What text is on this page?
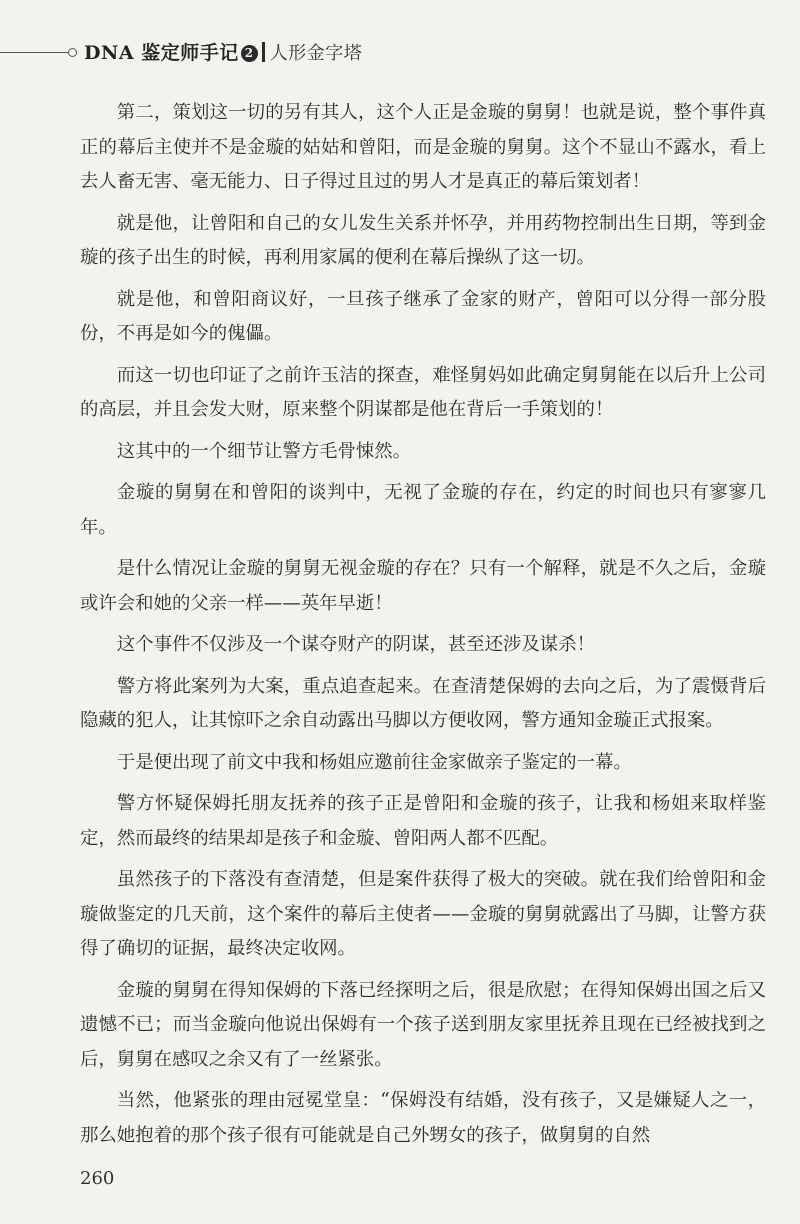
DNA 鉴定师手记 2 人形金字塔

第二，策划这一切的另有其人，这个人正是金璇的舅舅！也就是说，整个事件真正的幕后主使并不是金璇的姑姑和曾阳，而是金璇的舅舅。这个不显山不露水，看上去人畜无害、毫无能力、日子得过且过的男人才是真正的幕后策划者！

就是他，让曾阳和自己的女儿发生关系并怀孕，并用药物控制出生日期，等到金璇的孩子出生的时候，再利用家属的便利在幕后操纵了这一切。

就是他，和曾阳商议好，一旦孩子继承了金家的财产，曾阳可以分得一部分股份，不再是如今的傀儡。

而这一切也印证了之前许玉洁的探查，难怪舅妈如此确定舅舅能在以后升上公司的高层，并且会发大财，原来整个阴谋都是他在背后一手策划的！

这其中的一个细节让警方毛骨悚然。

金璇的舅舅在和曾阳的谈判中，无视了金璇的存在，约定的时间也只有寥寥几年。

是什么情况让金璇的舅舅无视金璇的存在？只有一个解释，就是不久之后，金璇或许会和她的父亲一样——英年早逝！

这个事件不仅涉及一个谋夺财产的阴谋，甚至还涉及谋杀！

警方将此案列为大案，重点追查起来。在查清楚保姆的去向之后，为了震慑背后隐藏的犯人，让其惊吓之余自动露出马脚以方便收网，警方通知金璇正式报案。

于是便出现了前文中我和杨姐应邀前往金家做亲子鉴定的一幕。

警方怀疑保姆托朋友抚养的孩子正是曾阳和金璇的孩子，让我和杨姐来取样鉴定，然而最终的结果却是孩子和金璇、曾阳两人都不匹配。

虽然孩子的下落没有查清楚，但是案件获得了极大的突破。就在我们给曾阳和金璇做鉴定的几天前，这个案件的幕后主使者——金璇的舅舅就露出了马脚，让警方获得了确切的证据，最终决定收网。

金璇的舅舅在得知保姆的下落已经探明之后，很是欣慰；在得知保姆出国之后又遗憾不已；而当金璇向他说出保姆有一个孩子送到朋友家里抚养且现在已经被找到之后，舅舅在感叹之余又有了一丝紧张。

当然，他紧张的理由冠冕堂皇：“保姆没有结婚，没有孩子，又是嫌疑人之一，那么她抱着的那个孩子很有可能就是自己外甥女的孩子，做舅舅的自然

260
